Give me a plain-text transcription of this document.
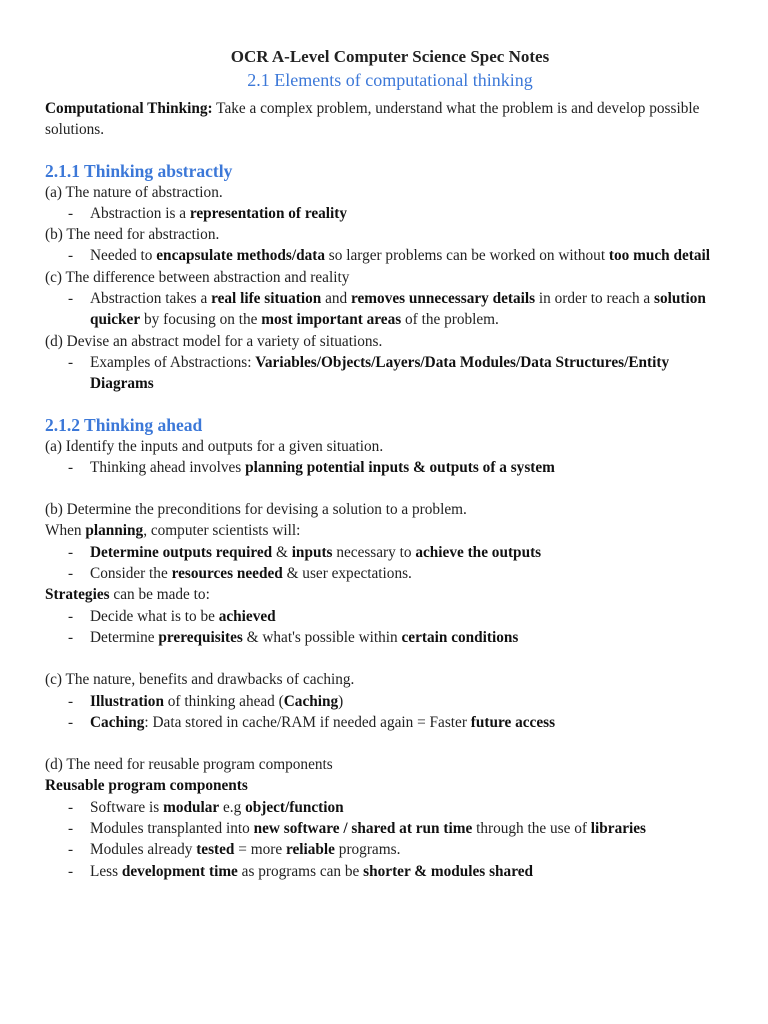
OCR A-Level Computer Science Spec Notes

2.1 Elements of computational thinking

Computational Thinking: Take a complex problem, understand what the problem is and develop possible solutions.

2.1.1 Thinking abstractly

(a) The nature of abstraction.

- Abstraction is a representation of reality

(b) The need for abstraction.

- Needed to encapsulate methods/data so larger problems can be worked on without too much detail

(c) The difference between abstraction and reality

- Abstraction takes a real life situation and removes unnecessary details in order to reach a solution quicker by focusing on the most important areas of the problem.

(d) Devise an abstract model for a variety of situations.

- Examples of Abstractions: Variables/Objects/Layers/Data Modules/Data Structures/Entity Diagrams

2.1.2 Thinking ahead

(a) Identify the inputs and outputs for a given situation.

- Thinking ahead involves planning potential inputs & outputs of a system

(b) Determine the preconditions for devising a solution to a problem.

When planning, computer scientists will:

- Determine outputs required & inputs necessary to achieve the outputs

- Consider the resources needed & user expectations.

Strategies can be made to:

- Decide what is to be achieved

- Determine prerequisites & what's possible within certain conditions

(c) The nature, benefits and drawbacks of caching.

- Illustration of thinking ahead (Caching)

- Caching: Data stored in cache/RAM if needed again = Faster future access

(d) The need for reusable program components

Reusable program components

- Software is modular e.g object/function

- Modules transplanted into new software / shared at run time through the use of libraries

- Modules already tested = more reliable programs.

- Less development time as programs can be shorter & modules shared
